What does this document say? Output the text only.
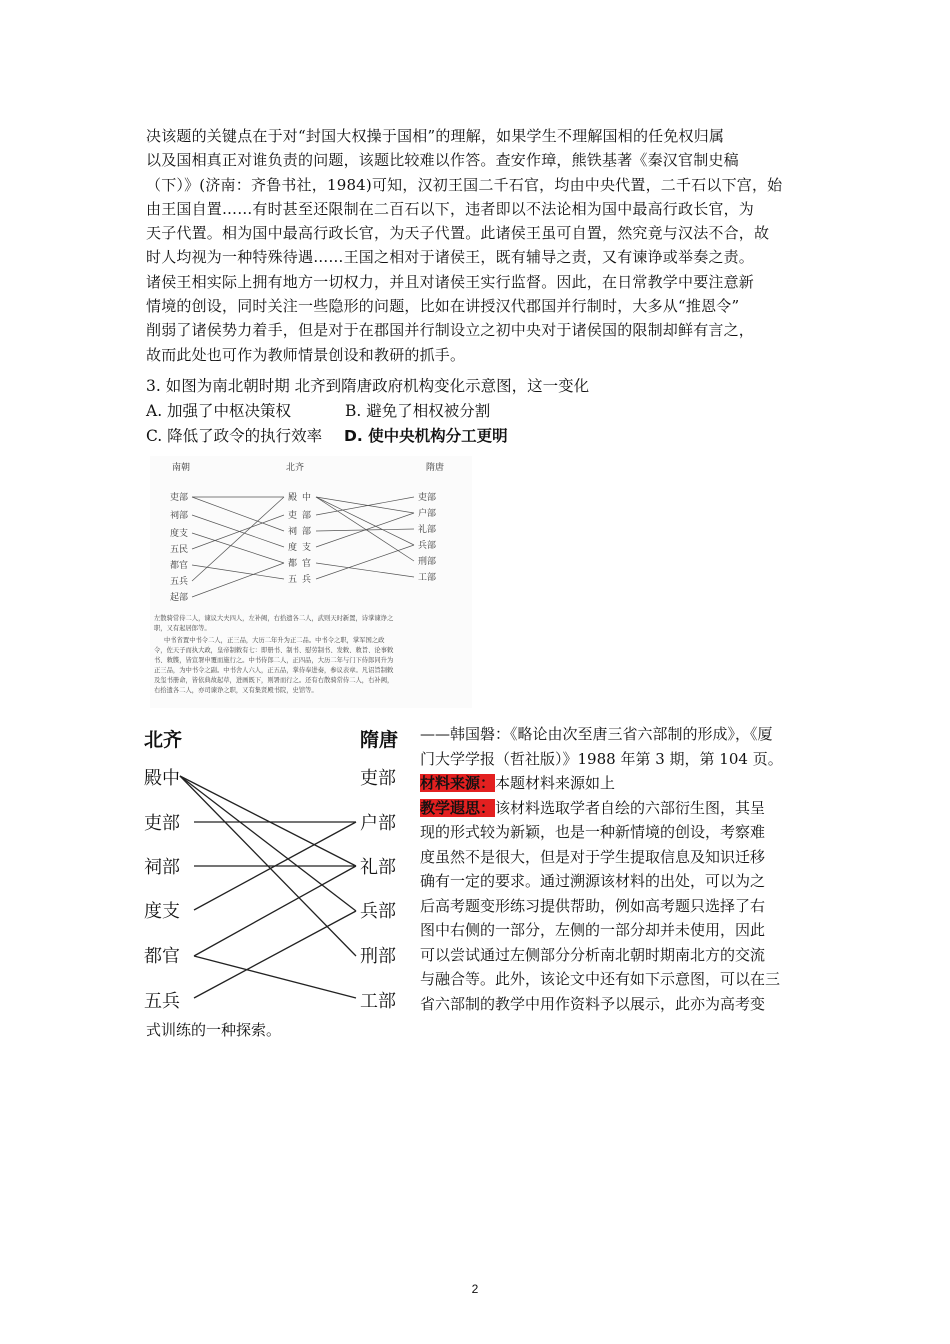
决该题的关键点在于对“封国大权操于国相”的理解，如果学生不理解国相的任免权归属
以及国相真正对谁负责的问题，该题比较难以作答。查安作璋，熊铁基著《秦汉官制史稿
（下）》(济南：齐鲁书社，1984)可知，汉初王国二千石官，均由中央代置，二千石以下宫，始
由王国自置……有时甚至还限制在二百石以下，违者即以不法论相为国中最高行政长官，为
天子代置。相为国中最高行政长官，为天子代置。此诸侯王虽可自置，然究竟与汉法不合，故
时人均视为一种特殊待遇……王国之相对于诸侯王，既有辅导之责，又有谏诤或举奏之责。
诸侯王相实际上拥有地方一切权力，并且对诸侯王实行监督。因此，在日常教学中要注意新
情境的创设，同时关注一些隐形的问题，比如在讲授汉代郡国并行制时，大多从“推恩令”
削弱了诸侯势力着手，但是对于在郡国并行制设立之初中央对于诸侯国的限制却鲜有言之，
故而此处也可作为教师情景创设和教研的抓手。
3. 如图为南北朝时期 北齐到隋唐政府机构变化示意图，这一变化
A. 加强了中枢决策权	B. 避免了相权被分割
C. 降低了政令的执行效率 D. 使中央机构分工更明
南朝	北齐	隋唐
吏部
祠部
度支
五民
都官
五兵
起部
殿
吏
祠
度
都
五
中
部
部
支
官
兵
吏部
户部
礼部
兵部
刑部
工部
左散骑常侍二人，谏议大夫四人，左补阙，右拾遗各二人，武则天时新置，诗掌谏诤之
职，又有起居郎等。
中书省置中书令二人，正三品，大历二年升为正二品。中书令之职，掌军国之政
令，佐天子而执大政，皇帝制敕有七：即册书、制书、慰劳制书、发敕、敕旨、论事敕
书、敕牒，皆宣署申覆而施行之。中书侍郎二人，正四品，大历二年与门下侍郎同升为
正三品，为中书令之副。中书舍人六人，正五品，掌侍奉进奏，参议表章。凡诏旨制敕
及玺书册命，皆依典故起草，进画既下，则署而行之。还有右散骑常侍二人，右补阙，
右拾遗各二人，亦司谏诤之职，又有集贤殿书院，史馆等。
北齐	隋唐
殿中
吏部
祠部
度支
都官
五兵
吏部
户部
礼部
兵部
刑部
工部
——韩国磐：《略论由次至唐三省六部制的形成》，《厦
门大学学报（哲社版）》1988 年第 3 期，第 104 页。
材料来源：本题材料来源如上
教学遐思：该材料选取学者自绘的六部衍生图，其呈
现的形式较为新颖，也是一种新情境的创设，考察难
度虽然不是很大，但是对于学生提取信息及知识迁移
确有一定的要求。通过溯源该材料的出处，可以为之
后高考题变形练习提供帮助，例如高考题只选择了右
图中右侧的一部分，左侧的一部分却并未使用，因此
可以尝试通过左侧部分分析南北朝时期南北方的交流
与融合等。此外，该论文中还有如下示意图，可以在三
省六部制的教学中用作资料予以展示，此亦为高考变
式训练的一种探索。
2
